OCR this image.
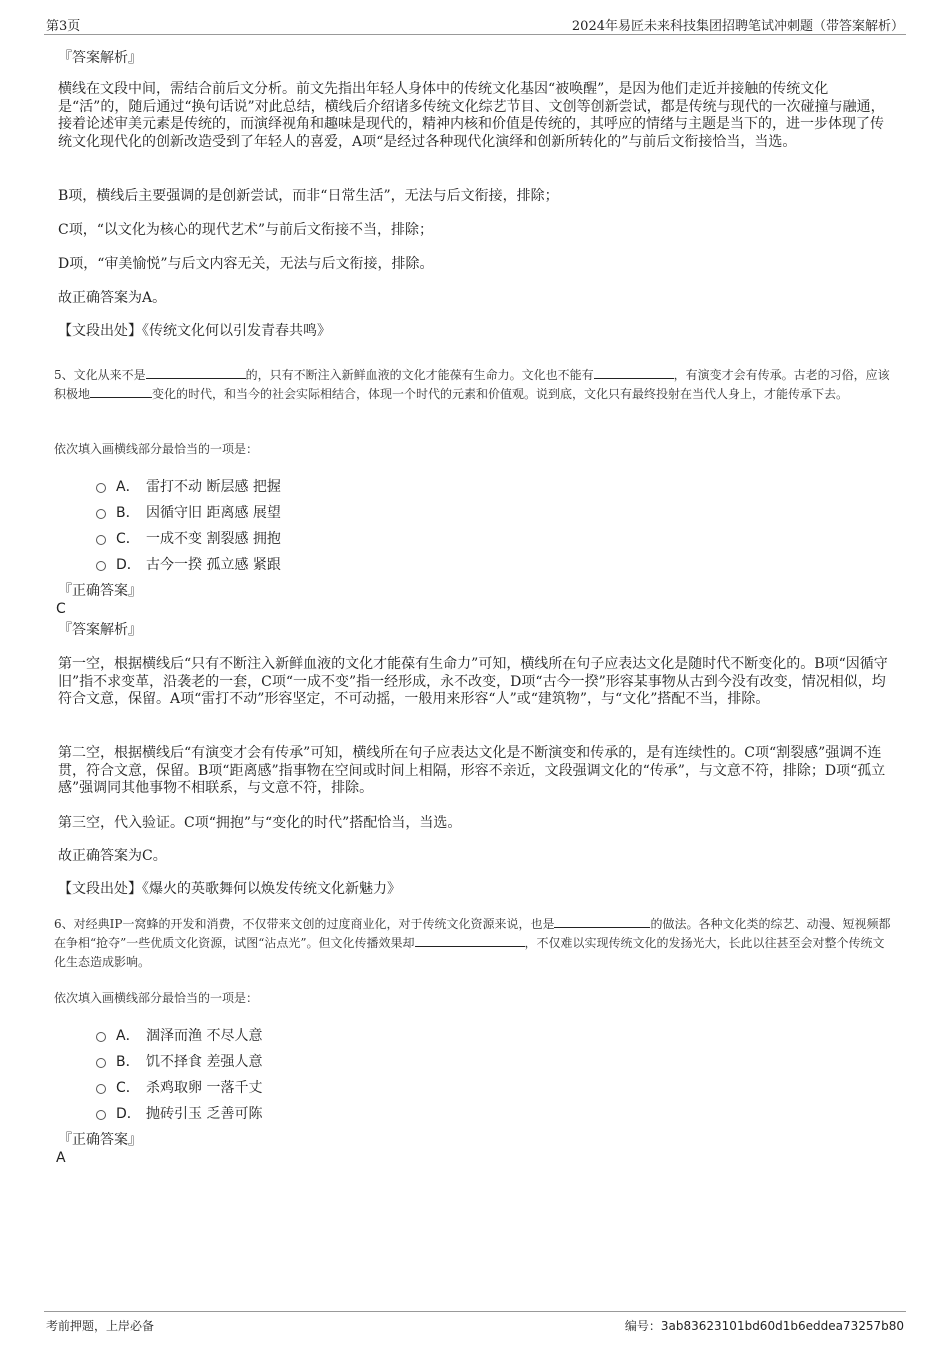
第3页	2024年易匠未来科技集团招聘笔试冲刺题（带答案解析）
『答案解析』
横线在文段中间，需结合前后文分析。前文先指出年轻人身体中的传统文化基因“被唤醒”，是因为他们走近并接触的传统文化是“活”的，随后通过“换句话说”对此总结，横线后介绍诸多传统文化综艺节目、文创等创新尝试，都是传统与现代的一次碰撞与融通，接着论述审美元素是传统的，而演绎视角和趣味是现代的，精神内核和价值是传统的，其呼应的情绪与主题是当下的，进一步体现了传统文化现代化的创新改造受到了年轻人的喜爱，A项“是经过各种现代化演绎和创新所转化的”与前后文衔接恰当，当选。
B项，横线后主要强调的是创新尝试，而非“日常生活”，无法与后文衔接，排除；
C项，“以文化为核心的现代艺术”与前后文衔接不当，排除；
D项，“审美愉悦”与后文内容无关，无法与后文衔接，排除。
故正确答案为A。
【文段出处】《传统文化何以引发青春共鸣》
5、文化从来不是	的，只有不断注入新鲜血液的文化才能葆有生命力。文化也不能有	，有演变才会有传承。古老的习俗，应该积极地	变化的时代，和当今的社会实际相结合，体现一个时代的元素和价值观。说到底，文化只有最终投射在当代人身上，才能传承下去。
依次填入画横线部分最恰当的一项是：
A． 雷打不动 断层感 把握
B． 因循守旧 距离感 展望
C． 一成不变 割裂感 拥抱
D． 古今一揆 孤立感 紧跟
『正确答案』
C
『答案解析』
第一空，根据横线后“只有不断注入新鲜血液的文化才能葆有生命力”可知，横线所在句子应表达文化是随时代不断变化的。B项“因循守旧”指不求变革，沿袭老的一套，C项“一成不变”指一经形成，永不改变，D项“古今一揆”形容某事物从古到今没有改变，情况相似，均符合文意，保留。A项“雷打不动”形容坚定，不可动摇，一般用来形容“人”或“建筑物”，与“文化”搭配不当，排除。
第二空，根据横线后“有演变才会有传承”可知，横线所在句子应表达文化是不断演变和传承的，是有连续性的。C项“割裂感”强调不连贯，符合文意，保留。B项“距离感”指事物在空间或时间上相隔，形容不亲近，文段强调文化的“传承”，与文意不符，排除；D项“孤立感”强调同其他事物不相联系，与文意不符，排除。
第三空，代入验证。C项“拥抱”与“变化的时代”搭配恰当，当选。
故正确答案为C。
【文段出处】《爆火的英歌舞何以焕发传统文化新魅力》
6、对经典IP一窝蜂的开发和消费，不仅带来文创的过度商业化，对于传统文化资源来说，也是	的做法。各种文化类的综艺、动漫、短视频都在争相“抢夺”一些优质文化资源，试图“沾点光”。但文化传播效果却	，不仅难以实现传统文化的发扬光大，长此以往甚至会对整个传统文化生态造成影响。
依次填入画横线部分最恰当的一项是：
A． 涸泽而渔 不尽人意
B． 饥不择食 差强人意
C． 杀鸡取卵 一落千丈
D． 抛砖引玉 乏善可陈
『正确答案』
A
考前押题，上岸必备	编号：3ab83623101bd60d1b6eddea73257b80
